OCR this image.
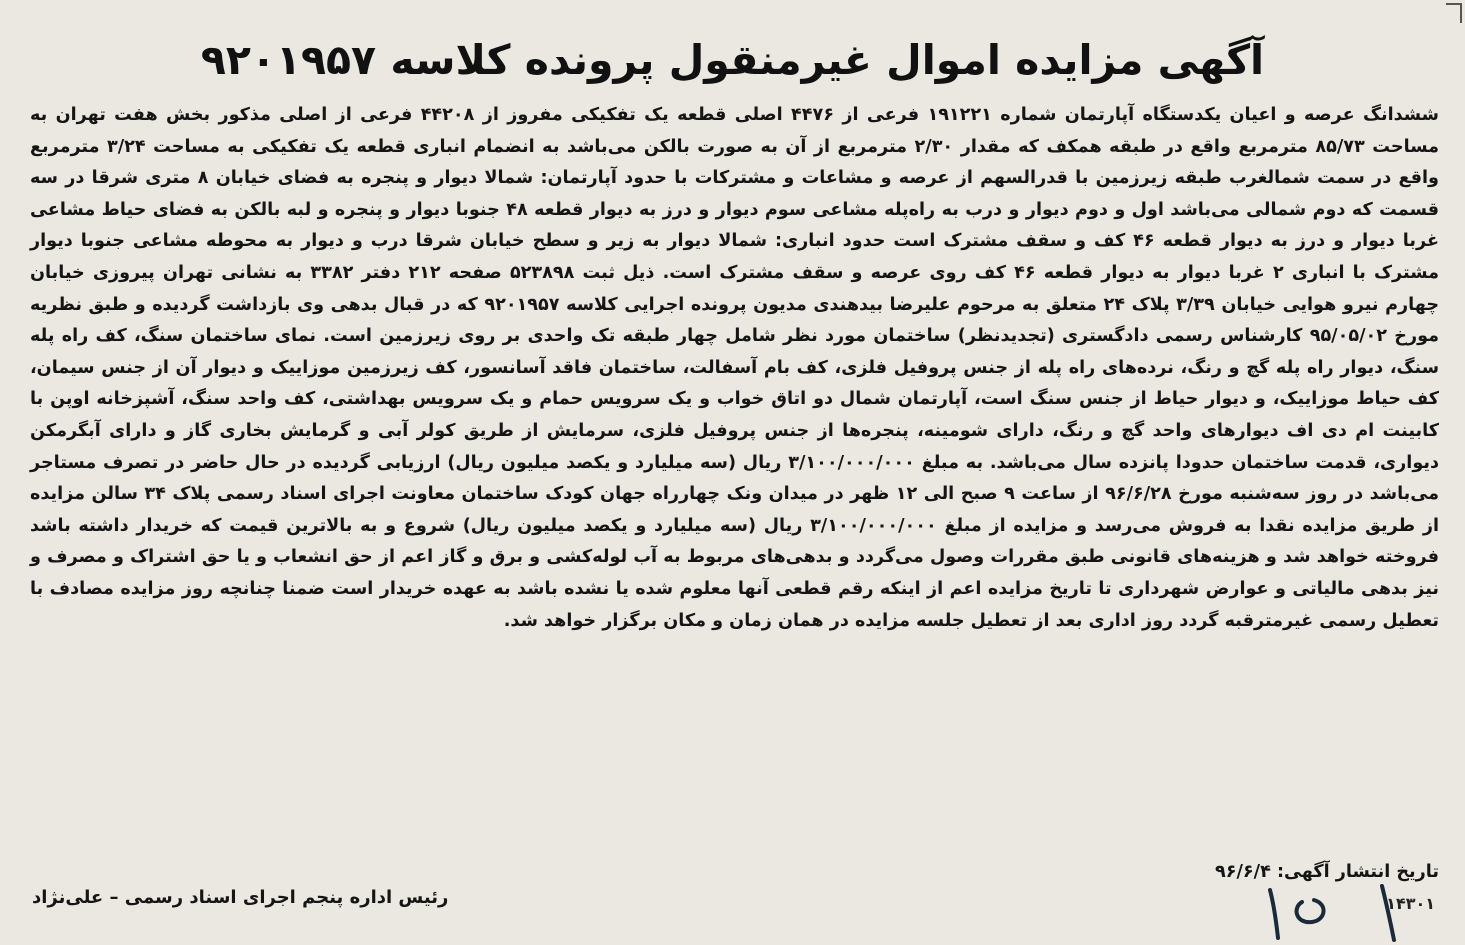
آگهی مزایده اموال غیرمنقول پرونده کلاسه ۹۲۰۱۹۵۷

ششدانگ عرصه و اعیان یکدستگاه آپارتمان شماره ۱۹۱۲۲۱ فرعی از ۴۴۷۶ اصلی قطعه یک تفکیکی مفروز از ۴۴۲۰۸ فرعی از اصلی مذکور بخش هفت تهران به مساحت ۸۵/۷۳ مترمربع واقع در طبقه همکف که مقدار ۲/۳۰ مترمربع از آن به صورت بالکن می‌باشد به انضمام انباری قطعه یک تفکیکی به مساحت ۳/۲۴ مترمربع واقع در سمت شمالغرب طبقه زیرزمین با قدرالسهم از عرصه و مشاعات و مشترکات با حدود آپارتمان: شمالا دیوار و پنجره به فضای خیابان ۸ متری شرقا در سه قسمت که دوم شمالی می‌باشد اول و دوم دیوار و درب به راه‌پله مشاعی سوم دیوار و درز به دیوار قطعه ۴۸ جنوبا دیوار و پنجره و لبه بالکن به فضای حیاط مشاعی غربا دیوار و درز به دیوار قطعه ۴۶ کف و سقف مشترک است حدود انباری: شمالا دیوار به زیر و سطح خیابان شرقا درب و دیوار به محوطه مشاعی جنوبا دیوار مشترک با انباری ۲ غربا دیوار به دیوار قطعه ۴۶ کف روی عرصه و سقف مشترک است. ذیل ثبت ۵۲۳۸۹۸ صفحه ۲۱۲ دفتر ۳۳۸۲ به نشانی تهران پیروزی خیابان چهارم نیرو هوایی خیابان ۳/۳۹ پلاک ۲۴ متعلق به مرحوم علیرضا بیدهندی مدیون پرونده اجرایی کلاسه ۹۲۰۱۹۵۷ که در قبال بدهی وی بازداشت گردیده و طبق نظریه مورخ ۹۵/۰۵/۰۲ کارشناس رسمی دادگستری (تجدیدنظر) ساختمان مورد نظر شامل چهار طبقه تک واحدی بر روی زیرزمین است. نمای ساختمان سنگ، کف راه پله سنگ، دیوار راه پله گچ و رنگ، نرده‌های راه پله از جنس پروفیل فلزی، کف بام آسفالت، ساختمان فاقد آسانسور، کف زیرزمین موزاییک و دیوار آن از جنس سیمان، کف حیاط موزاییک، و دیوار حیاط از جنس سنگ است، آپارتمان شمال دو اتاق خواب و یک سرویس حمام و یک سرویس بهداشتی، کف واحد سنگ، آشپزخانه اوپن با کابینت ام دی اف دیوارهای واحد گچ و رنگ، دارای شومینه، پنجره‌ها از جنس پروفیل فلزی، سرمایش از طریق کولر آبی و گرمایش بخاری گاز و دارای آبگرمکن دیواری، قدمت ساختمان حدودا پانزده سال می‌باشد. به مبلغ ۳/۱۰۰/۰۰۰/۰۰۰ ریال (سه میلیارد و یکصد میلیون ریال) ارزیابی گردیده در حال حاضر در تصرف مستاجر می‌باشد در روز سه‌شنبه مورخ ۹۶/۶/۲۸ از ساعت ۹ صبح الی ۱۲ ظهر در میدان ونک چهارراه جهان کودک ساختمان معاونت اجرای اسناد رسمی پلاک ۳۴ سالن مزایده از طریق مزایده نقدا به فروش می‌رسد و مزایده از مبلغ ۳/۱۰۰/۰۰۰/۰۰۰ ریال (سه میلیارد و یکصد میلیون ریال) شروع و به بالاترین قیمت که خریدار داشته باشد فروخته خواهد شد و هزینه‌های قانونی طبق مقررات وصول می‌گردد و بدهی‌های مربوط به آب لوله‌کشی و برق و گاز اعم از حق انشعاب و یا حق اشتراک و مصرف و نیز بدهی مالیاتی و عوارض شهرداری تا تاریخ مزایده اعم از اینکه رقم قطعی آنها معلوم شده یا نشده باشد به عهده خریدار است ضمنا چنانچه روز مزایده مصادف با تعطیل رسمی غیرمترقبه گردد روز اداری بعد از تعطیل جلسه مزایده در همان زمان و مکان برگزار خواهد شد.

تاریخ انتشار آگهی: ۹۶/۶/۴
رئیس اداره پنجم اجرای اسناد رسمی – علی‌نژاد	۱۴۳۰۱
